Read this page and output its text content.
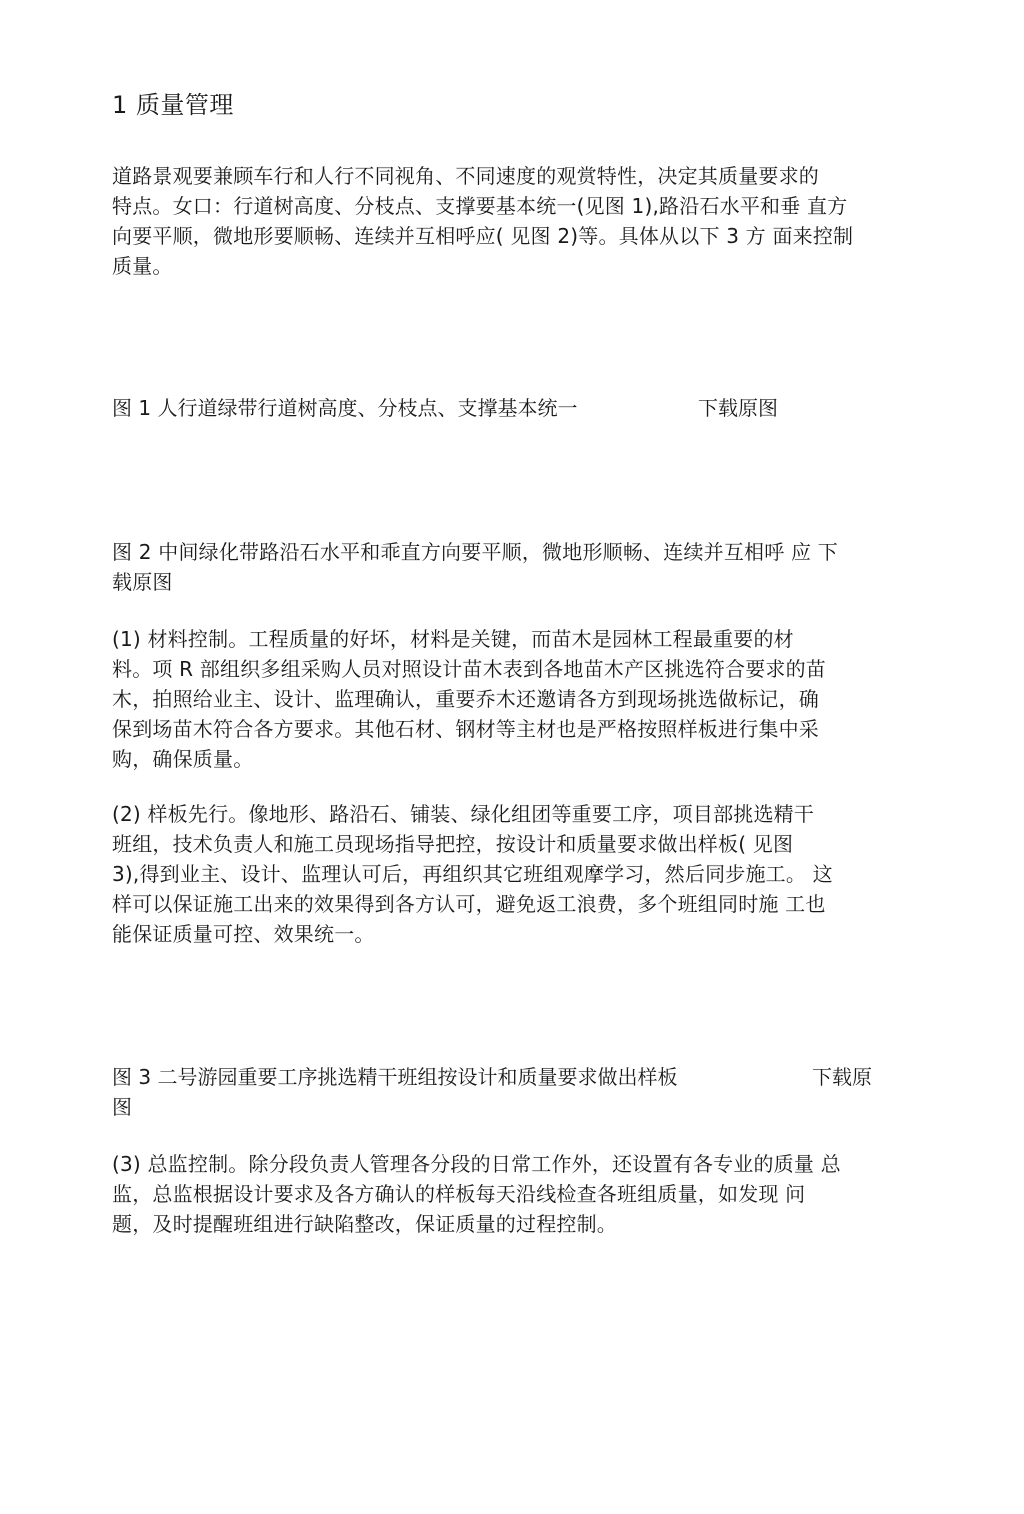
1 质量管理

道路景观要兼顾车行和人行不同视角、不同速度的观赏特性，决定其质量要求的
特点。女口：行道树高度、分枝点、支撑要基本统一(见图 1),路沿石水平和垂 直方
向要平顺，微地形要顺畅、连续并互相呼应( 见图 2)等。具体从以下 3 方 面来控制
质量。

图 1 人行道绿带行道树高度、分枝点、支撑基本统一	下载原图

图 2 中间绿化带路沿石水平和乖直方向要平顺，微地形顺畅、连续并互相呼 应 下
载原图

(1) 材料控制。工程质量的好坏，材料是关键，而苗木是园林工程最重要的材
料。项 R 部组织多组采购人员对照设计苗木表到各地苗木产区挑选符合要求的苗
木，拍照给业主、设计、监理确认，重要乔木还邀请各方到现场挑选做标记，确
保到场苗木符合各方要求。其他石材、钢材等主材也是严格按照样板进行集中采
购，确保质量。

(2) 样板先行。像地形、路沿石、铺装、绿化组团等重要工序，项目部挑选精干
班组，技术负责人和施工员现场指导把控，按设计和质量要求做出样板( 见图
3),得到业主、设计、监理认可后，再组织其它班组观摩学习，然后同步施工。 这
样可以保证施工出来的效果得到各方认可，避免返工浪费，多个班组同时施 工也
能保证质量可控、效果统一。

图 3 二号游园重要工序挑选精干班组按设计和质量要求做出样板	下载原
图

(3) 总监控制。除分段负责人管理各分段的日常工作外，还设置有各专业的质量 总
监，总监根据设计要求及各方确认的样板每天沿线检查各班组质量，如发现 问
题，及时提醒班组进行缺陷整改，保证质量的过程控制。
